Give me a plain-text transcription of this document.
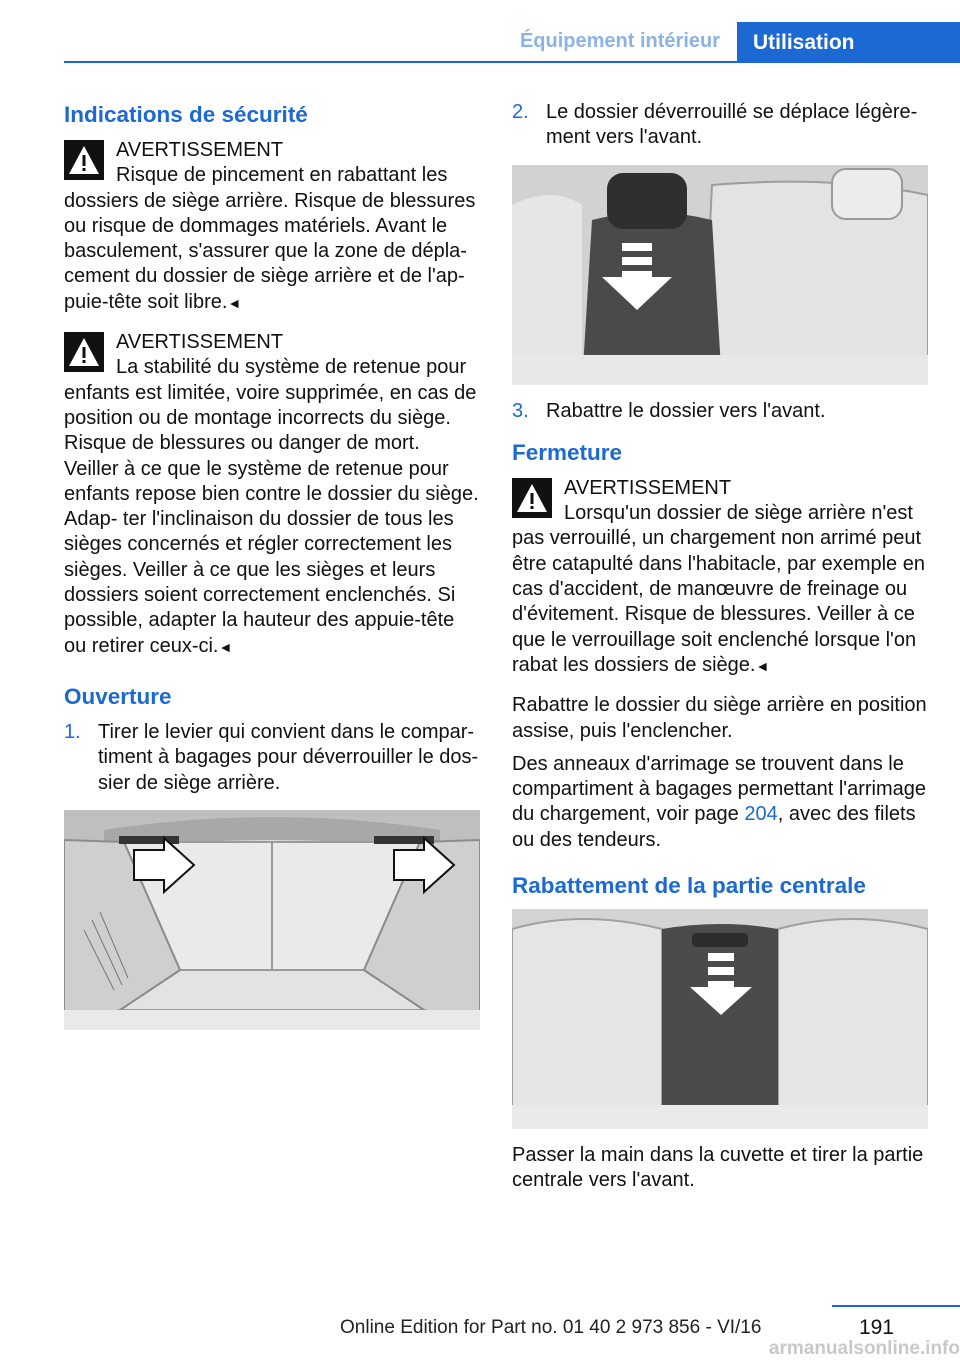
Équipement intérieur	Utilisation
Indications de sécurité
AVERTISSEMENT
Risque de pincement en rabattant les
dossiers de siège arrière. Risque de blessures ou risque de dommages matériels. Avant le basculement, s'assurer que la zone de dépla‐ cement du dossier de siège arrière et de l'ap‐ puie-tête soit libre.◄
AVERTISSEMENT
La stabilité du système de retenue pour
enfants est limitée, voire supprimée, en cas de position ou de montage incorrects du siège. Risque de blessures ou danger de mort. Veiller à ce que le système de retenue pour enfants repose bien contre le dossier du siège. Adap‐ ter l'inclinaison du dossier de tous les sièges concernés et régler correctement les sièges. Veiller à ce que les sièges et leurs dossiers soient correctement enclenchés. Si possible, adapter la hauteur des appuie-tête ou retirer ceux-ci.◄
Ouverture
1. Tirer le levier qui convient dans le compar‐ timent à bagages pour déverrouiller le dos‐ sier de siège arrière.
2. Le dossier déverrouillé se déplace légère‐ ment vers l'avant.
3. Rabattre le dossier vers l'avant.
Fermeture
AVERTISSEMENT
Lorsqu'un dossier de siège arrière n'est
pas verrouillé, un chargement non arrimé peut être catapulté dans l'habitacle, par exemple en cas d'accident, de manœuvre de freinage ou d'évitement. Risque de blessures. Veiller à ce que le verrouillage soit enclenché lorsque l'on rabat les dossiers de siège.◄

Rabattre le dossier du siège arrière en position assise, puis l'enclencher.

Des anneaux d'arrimage se trouvent dans le compartiment à bagages permettant l'arrimage du chargement, voir page 204, avec des filets ou des tendeurs.

Rabattement de la partie centrale

Passer la main dans la cuvette et tirer la partie centrale vers l'avant.

191
Online Edition for Part no. 01 40 2 973 856 - VI/16
armanualsonline.info
